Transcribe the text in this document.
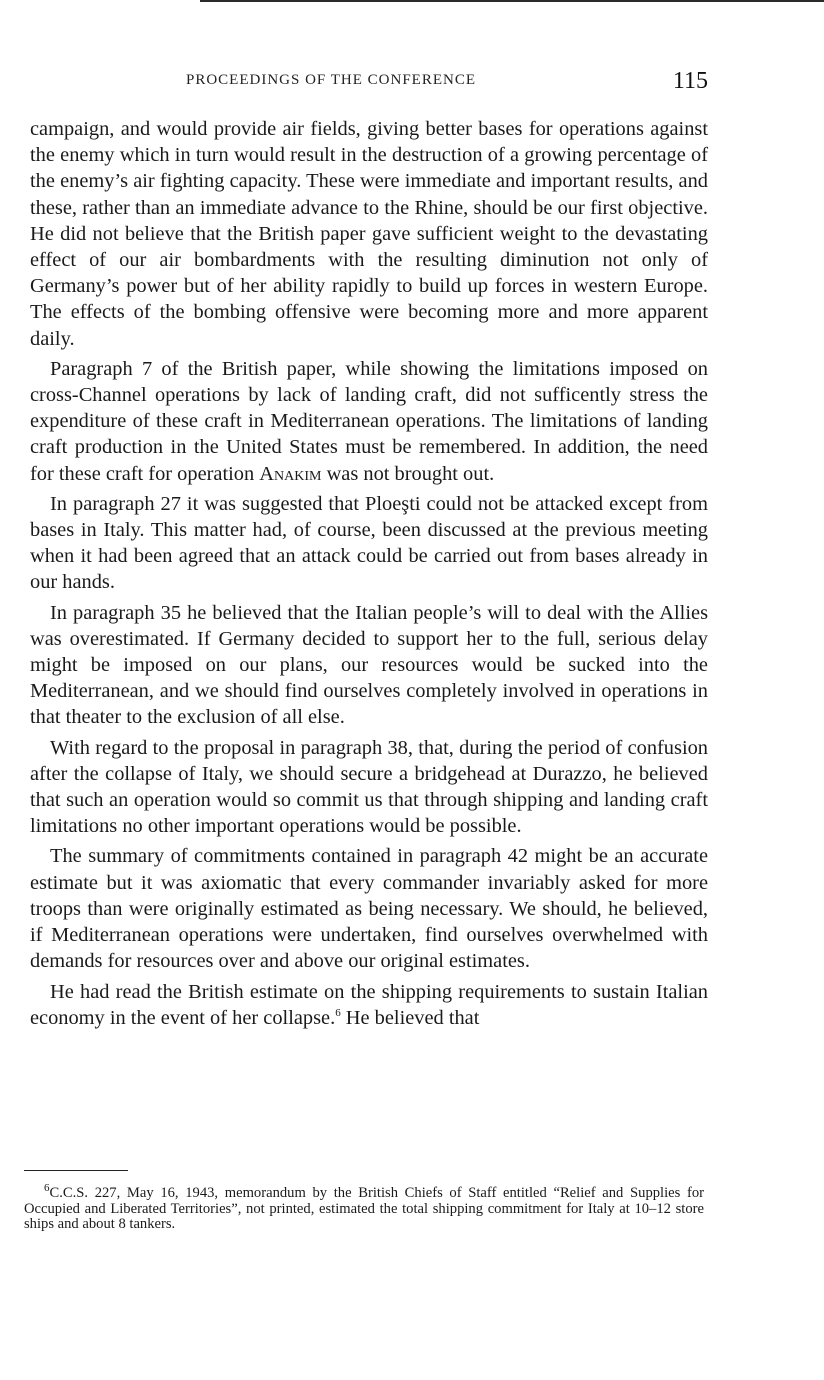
PROCEEDINGS OF THE CONFERENCE	115

campaign, and would provide air fields, giving better bases for operations against the enemy which in turn would result in the destruction of a growing percentage of the enemy’s air fighting capacity. These were immediate and important results, and these, rather than an immediate advance to the Rhine, should be our first objective. He did not believe that the British paper gave sufficient weight to the devastating effect of our air bombardments with the resulting diminution not only of Germany’s power but of her ability rapidly to build up forces in western Europe. The effects of the bombing offensive were becoming more and more apparent daily.

Paragraph 7 of the British paper, while showing the limitations imposed on cross-Channel operations by lack of landing craft, did not sufficently stress the expenditure of these craft in Mediterranean operations. The limitations of landing craft production in the United States must be remembered. In addition, the need for these craft for operation Anakim was not brought out.

In paragraph 27 it was suggested that Ploeşti could not be attacked except from bases in Italy. This matter had, of course, been discussed at the previous meeting when it had been agreed that an attack could be carried out from bases already in our hands.

In paragraph 35 he believed that the Italian people’s will to deal with the Allies was overestimated. If Germany decided to support her to the full, serious delay might be imposed on our plans, our resources would be sucked into the Mediterranean, and we should find ourselves completely involved in operations in that theater to the exclusion of all else.

With regard to the proposal in paragraph 38, that, during the period of confusion after the collapse of Italy, we should secure a bridgehead at Durazzo, he believed that such an operation would so commit us that through shipping and landing craft limitations no other important operations would be possible.

The summary of commitments contained in paragraph 42 might be an accurate estimate but it was axiomatic that every commander invariably asked for more troops than were originally estimated as being necessary. We should, he believed, if Mediterranean operations were undertaken, find ourselves overwhelmed with demands for resources over and above our original estimates.

He had read the British estimate on the shipping requirements to sustain Italian economy in the event of her collapse.$^6$ He believed that

$^6$C.C.S. 227, May 16, 1943, memorandum by the British Chiefs of Staff entitled “Relief and Supplies for Occupied and Liberated Territories”, not printed, estimated the total shipping commitment for Italy at 10–12 store ships and about 8 tankers.
